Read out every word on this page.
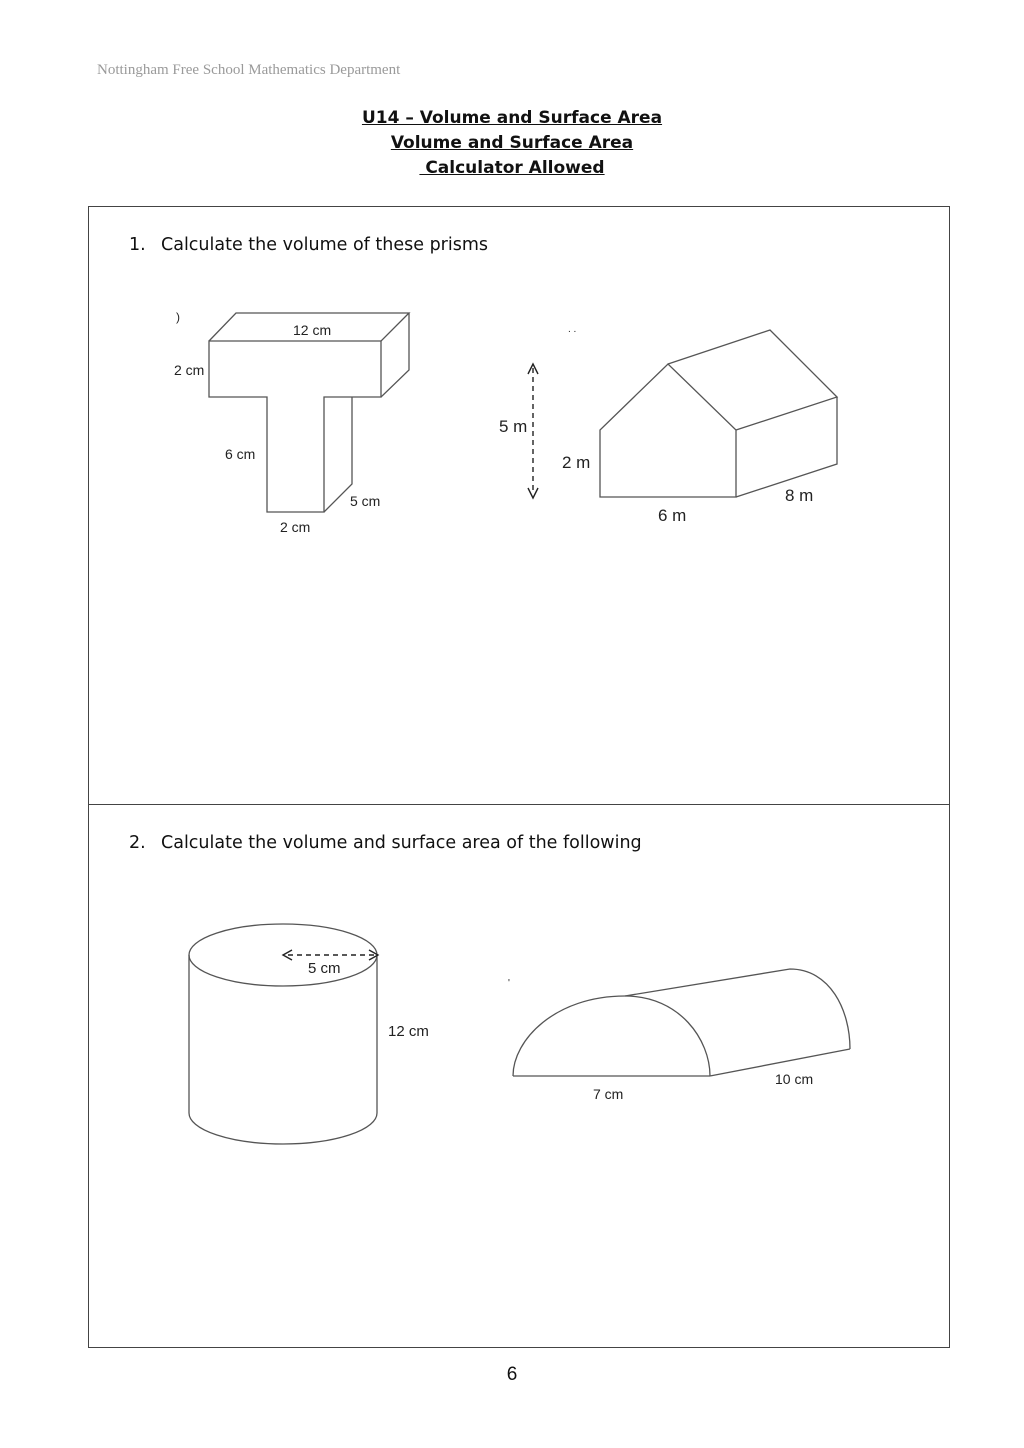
Nottingham Free School Mathematics Department
U14 – Volume and Surface Area
Volume and Surface Area
Calculator Allowed
1. Calculate the volume of these prisms
2. Calculate the volume and surface area of the following
)
12 cm
2 cm
6 cm
5 cm
2 cm
. .
5 m
2 m
6 m
8 m
5 cm
12 cm
'
7 cm
10 cm
6
